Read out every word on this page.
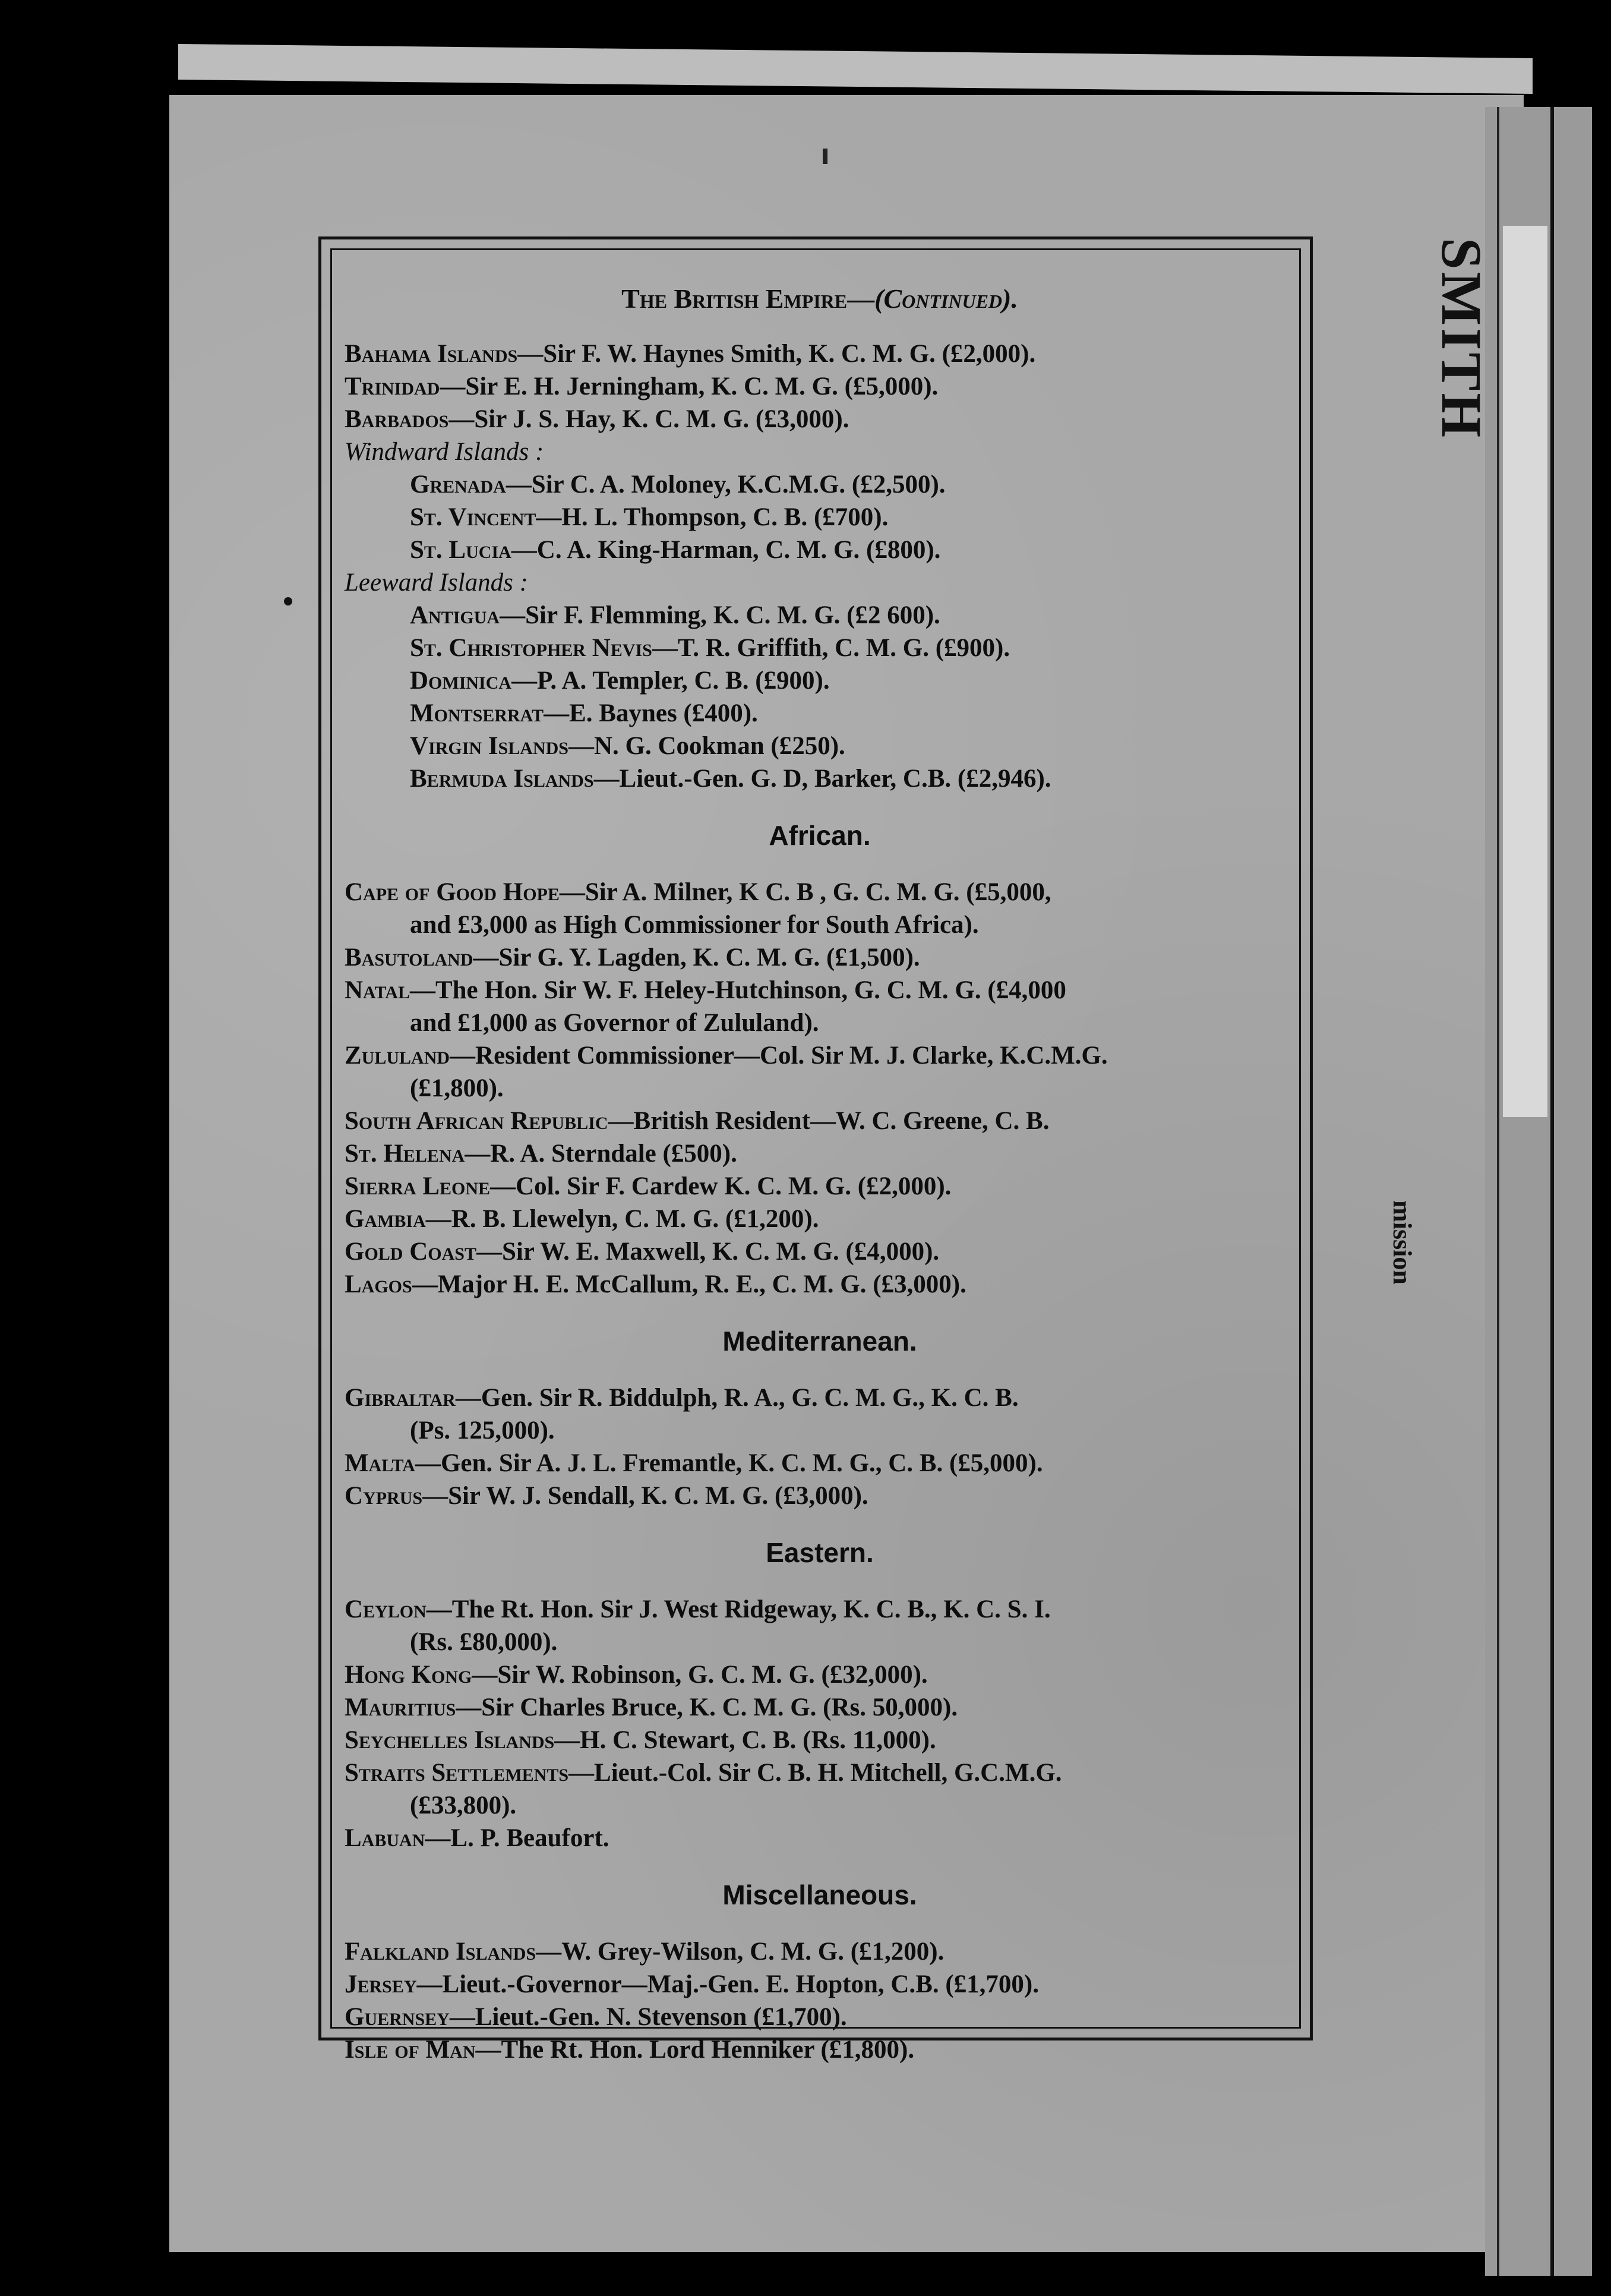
SMITH
mission
The British Empire—(Continued).
Bahama Islands—Sir F. W. Haynes Smith, K. C. M. G. (£2,000).
Trinidad—Sir E. H. Jerningham, K. C. M. G. (£5,000).
Barbados—Sir J. S. Hay, K. C. M. G. (£3,000).
Windward Islands :
Grenada—Sir C. A. Moloney, K.C.M.G. (£2,500).
St. Vincent—H. L. Thompson, C. B. (£700).
St. Lucia—C. A. King-Harman, C. M. G. (£800).
Leeward Islands :
Antigua—Sir F. Flemming, K. C. M. G. (£2 600).
St. Christopher Nevis—T. R. Griffith, C. M. G. (£900).
Dominica—P. A. Templer, C. B. (£900).
Montserrat—E. Baynes (£400).
Virgin Islands—N. G. Cookman (£250).
Bermuda Islands—Lieut.-Gen. G. D, Barker, C.B. (£2,946).
African.
Cape of Good Hope—Sir A. Milner, K C. B , G. C. M. G. (£5,000,
and £3,000 as High Commissioner for South Africa).
Basutoland—Sir G. Y. Lagden, K. C. M. G. (£1,500).
Natal—The Hon. Sir W. F. Heley-Hutchinson, G. C. M. G. (£4,000
and £1,000 as Governor of Zululand).
Zululand—Resident Commissioner—Col. Sir M. J. Clarke, K.C.M.G.
(£1,800).
South African Republic—British Resident—W. C. Greene, C. B.
St. Helena—R. A. Sterndale (£500).
Sierra Leone—Col. Sir F. Cardew K. C. M. G. (£2,000).
Gambia—R. B. Llewelyn, C. M. G. (£1,200).
Gold Coast—Sir W. E. Maxwell, K. C. M. G. (£4,000).
Lagos—Major H. E. McCallum, R. E., C. M. G. (£3,000).
Mediterranean.
Gibraltar—Gen. Sir R. Biddulph, R. A., G. C. M. G., K. C. B.
(Ps. 125,000).
Malta—Gen. Sir A. J. L. Fremantle, K. C. M. G., C. B. (£5,000).
Cyprus—Sir W. J. Sendall, K. C. M. G. (£3,000).
Eastern.
Ceylon—The Rt. Hon. Sir J. West Ridgeway, K. C. B., K. C. S. I.
(Rs. £80,000).
Hong Kong—Sir W. Robinson, G. C. M. G. (£32,000).
Mauritius—Sir Charles Bruce, K. C. M. G. (Rs. 50,000).
Seychelles Islands—H. C. Stewart, C. B. (Rs. 11,000).
Straits Settlements—Lieut.-Col. Sir C. B. H. Mitchell, G.C.M.G.
(£33,800).
Labuan—L. P. Beaufort.
Miscellaneous.
Falkland Islands—W. Grey-Wilson, C. M. G. (£1,200).
Jersey—Lieut.-Governor—Maj.-Gen. E. Hopton, C.B. (£1,700).
Guernsey—Lieut.-Gen. N. Stevenson (£1,700).
Isle of Man—The Rt. Hon. Lord Henniker (£1,800).
